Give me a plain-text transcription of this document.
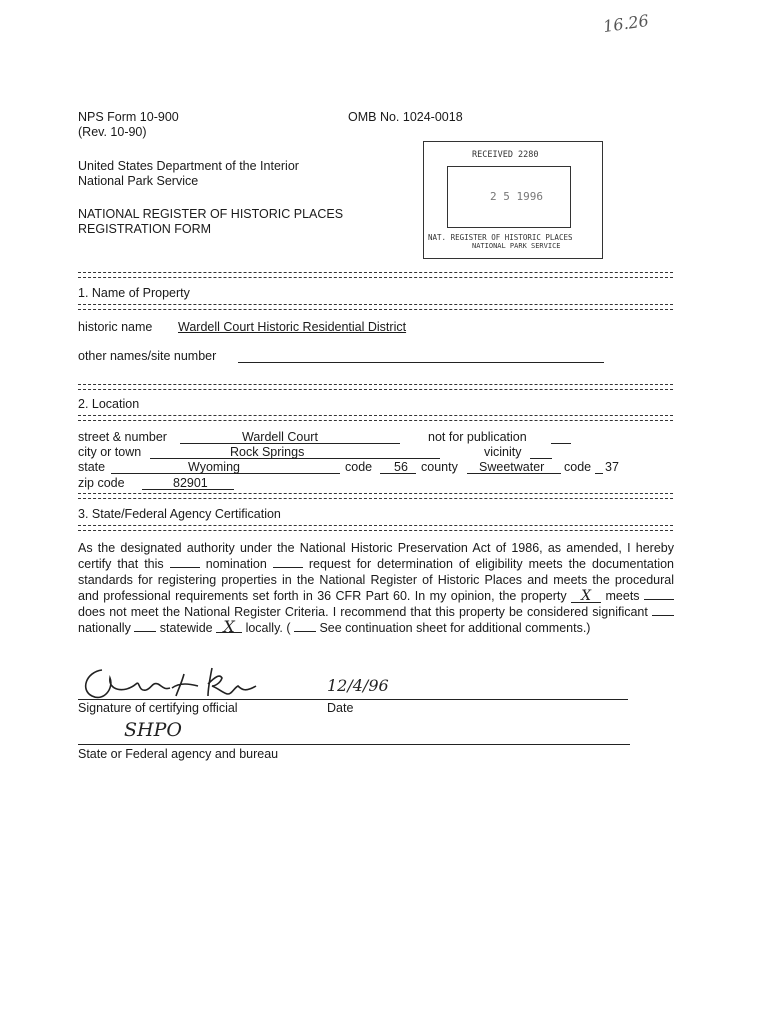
16.26
NPS Form 10-900
(Rev. 10-90)
OMB No. 1024-0018
United States Department of the Interior
National Park Service
NATIONAL REGISTER OF HISTORIC PLACES
REGISTRATION FORM
RECEIVED 2280
2 5 1996
NAT. REGISTER OF HISTORIC PLACES
NATIONAL PARK SERVICE
1. Name of Property
historic name Wardell Court Historic Residential District
other names/site number
2. Location
street & number	Wardell Court	not for publication
city or town	Rock Springs	vicinity
state	Wyoming	code 56 county Sweetwater code 37
zip code	82901
3. State/Federal Agency Certification
As the designated authority under the National Historic Preservation Act of 1986, as amended, I hereby certify that this	nomination	request for determination of eligibility meets the documentation standards for registering properties in the National Register of Historic Places and meets the procedural and professional requirements set forth in 36 CFR Part 60. In my opinion, the property X meets  does not meet the National Register Criteria. I recommend that this property be considered significant  nationally statewide X locally. ( See continuation sheet for additional comments.)
12/4/96
Signature of certifying official	Date
SHPO
State or Federal agency and bureau
